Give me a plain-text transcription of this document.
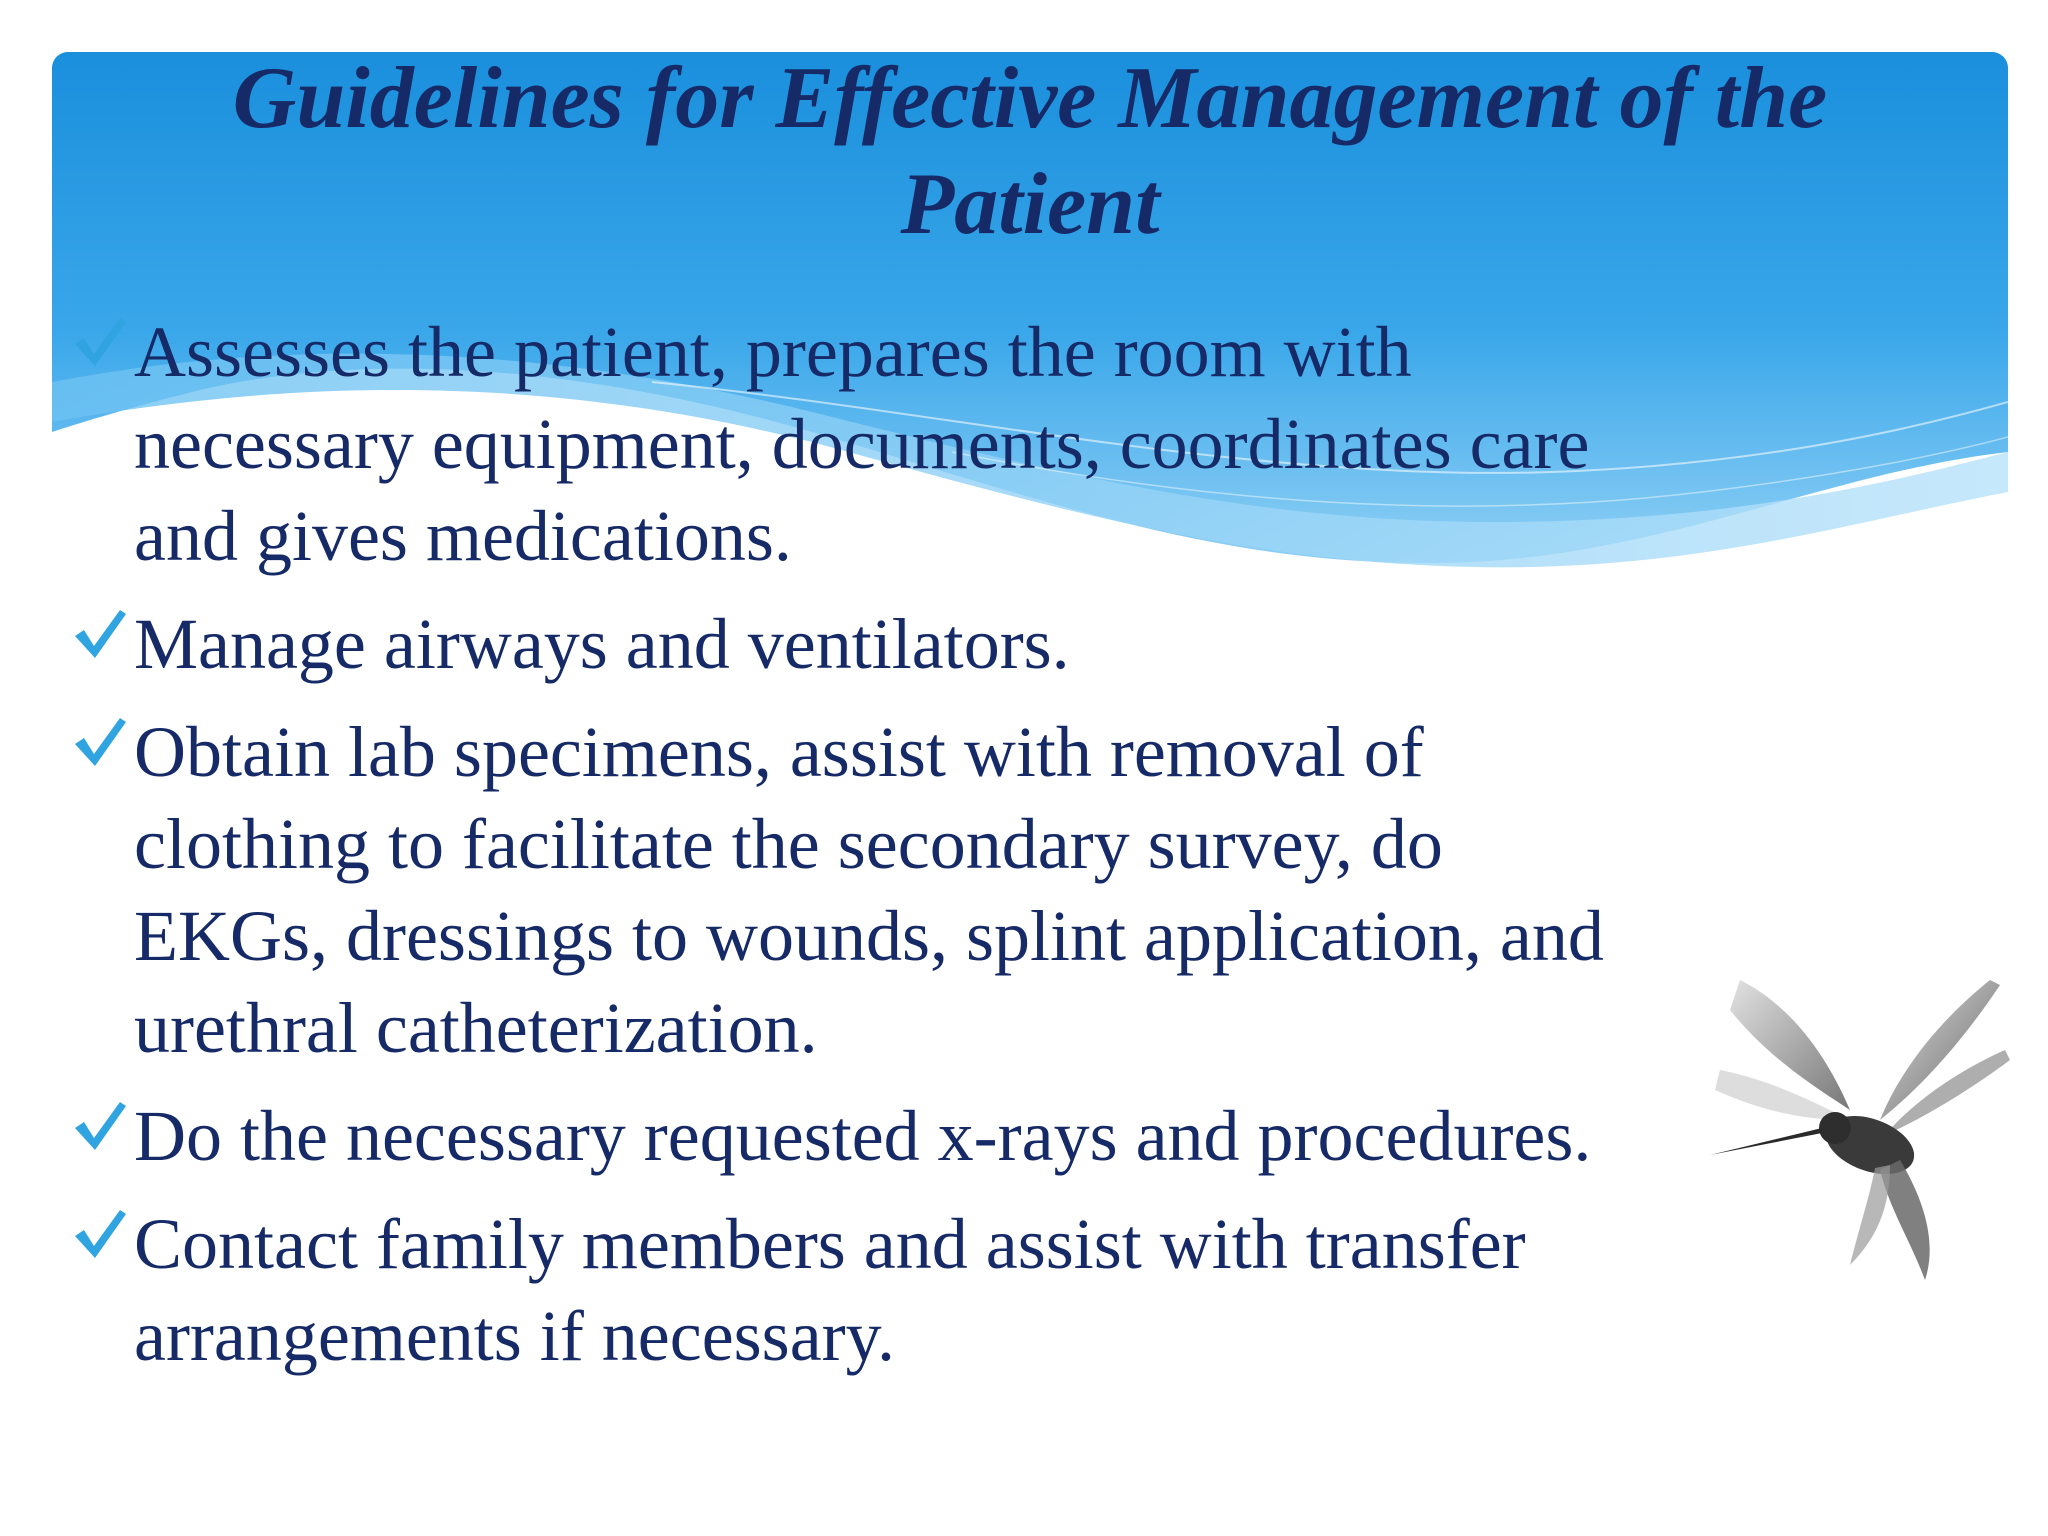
Guidelines for Effective Management of the
Patient
Assesses the patient, prepares the room with
necessary equipment, documents, coordinates care
and gives medications.
Manage airways and ventilators.
Obtain lab specimens, assist with removal of
clothing to facilitate the secondary survey, do
EKGs, dressings to wounds, splint application, and
urethral catheterization.
Do the necessary requested x-rays and procedures.
Contact family members and assist with transfer
arrangements if necessary.
